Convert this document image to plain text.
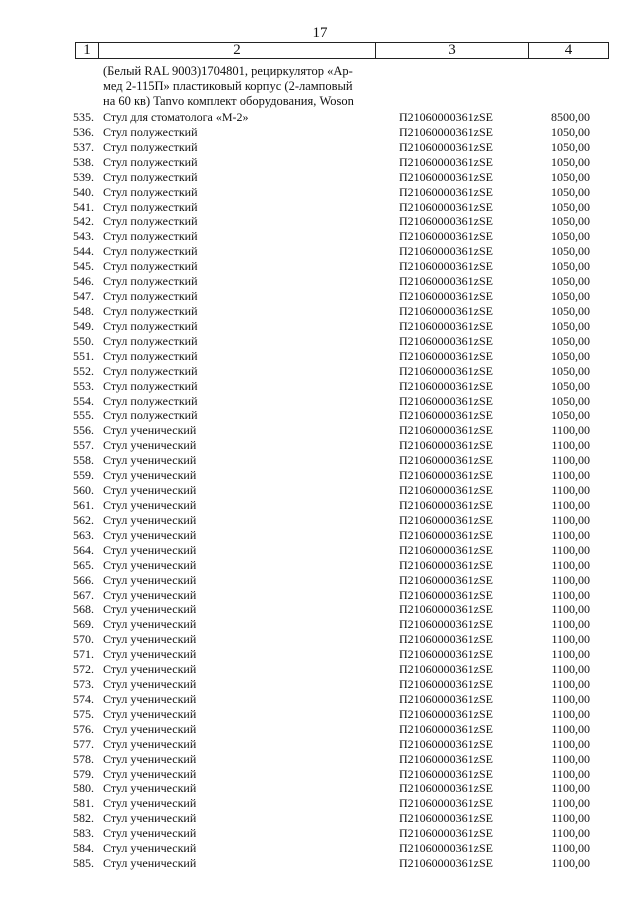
17
1	2	3	4
(Белый RAL 9003)1704801, рециркулятор «Ар-
мед 2-115П» пластиковый корпус (2-ламповый
на 60 кв) Tanvo комплект оборудования, Woson
535. Стул для стоматолога «М-2»	П21060000361zSE	8500,00
536. Стул полужесткий	П21060000361zSE	1050,00
537. Стул полужесткий	П21060000361zSE	1050,00
538. Стул полужесткий	П21060000361zSE	1050,00
539. Стул полужесткий	П21060000361zSE	1050,00
540. Стул полужесткий	П21060000361zSE	1050,00
541. Стул полужесткий	П21060000361zSE	1050,00
542. Стул полужесткий	П21060000361zSE	1050,00
543. Стул полужесткий	П21060000361zSE	1050,00
544. Стул полужесткий	П21060000361zSE	1050,00
545. Стул полужесткий	П21060000361zSE	1050,00
546. Стул полужесткий	П21060000361zSE	1050,00
547. Стул полужесткий	П21060000361zSE	1050,00
548. Стул полужесткий	П21060000361zSE	1050,00
549. Стул полужесткий	П21060000361zSE	1050,00
550. Стул полужесткий	П21060000361zSE	1050,00
551. Стул полужесткий	П21060000361zSE	1050,00
552. Стул полужесткий	П21060000361zSE	1050,00
553. Стул полужесткий	П21060000361zSE	1050,00
554. Стул полужесткий	П21060000361zSE	1050,00
555. Стул полужесткий	П21060000361zSE	1050,00
556. Стул ученический	П21060000361zSE	1100,00
557. Стул ученический	П21060000361zSE	1100,00
558. Стул ученический	П21060000361zSE	1100,00
559. Стул ученический	П21060000361zSE	1100,00
560. Стул ученический	П21060000361zSE	1100,00
561. Стул ученический	П21060000361zSE	1100,00
562. Стул ученический	П21060000361zSE	1100,00
563. Стул ученический	П21060000361zSE	1100,00
564. Стул ученический	П21060000361zSE	1100,00
565. Стул ученический	П21060000361zSE	1100,00
566. Стул ученический	П21060000361zSE	1100,00
567. Стул ученический	П21060000361zSE	1100,00
568. Стул ученический	П21060000361zSE	1100,00
569. Стул ученический	П21060000361zSE	1100,00
570. Стул ученический	П21060000361zSE	1100,00
571. Стул ученический	П21060000361zSE	1100,00
572. Стул ученический	П21060000361zSE	1100,00
573. Стул ученический	П21060000361zSE	1100,00
574. Стул ученический	П21060000361zSE	1100,00
575. Стул ученический	П21060000361zSE	1100,00
576. Стул ученический	П21060000361zSE	1100,00
577. Стул ученический	П21060000361zSE	1100,00
578. Стул ученический	П21060000361zSE	1100,00
579. Стул ученический	П21060000361zSE	1100,00
580. Стул ученический	П21060000361zSE	1100,00
581. Стул ученический	П21060000361zSE	1100,00
582. Стул ученический	П21060000361zSE	1100,00
583. Стул ученический	П21060000361zSE	1100,00
584. Стул ученический	П21060000361zSE	1100,00
585. Стул ученический	П21060000361zSE	1100,00
